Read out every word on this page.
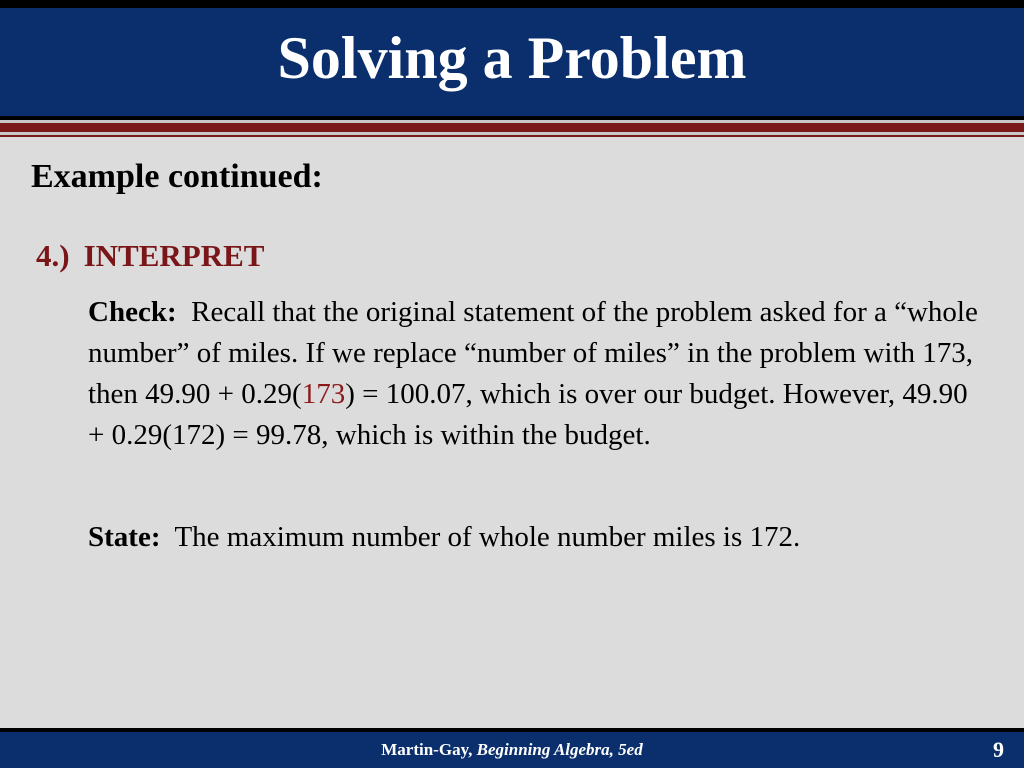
Solving a Problem
Example continued:
4.) INTERPRET
Check: Recall that the original statement of the problem asked for a “whole number” of miles. If we replace “number of miles” in the problem with 173, then 49.90 + 0.29(173) = 100.07, which is over our budget. However, 49.90 + 0.29(172) = 99.78, which is within the budget.
State: The maximum number of whole number miles is 172.
Martin-Gay,
Beginning Algebra, 5ed	9
